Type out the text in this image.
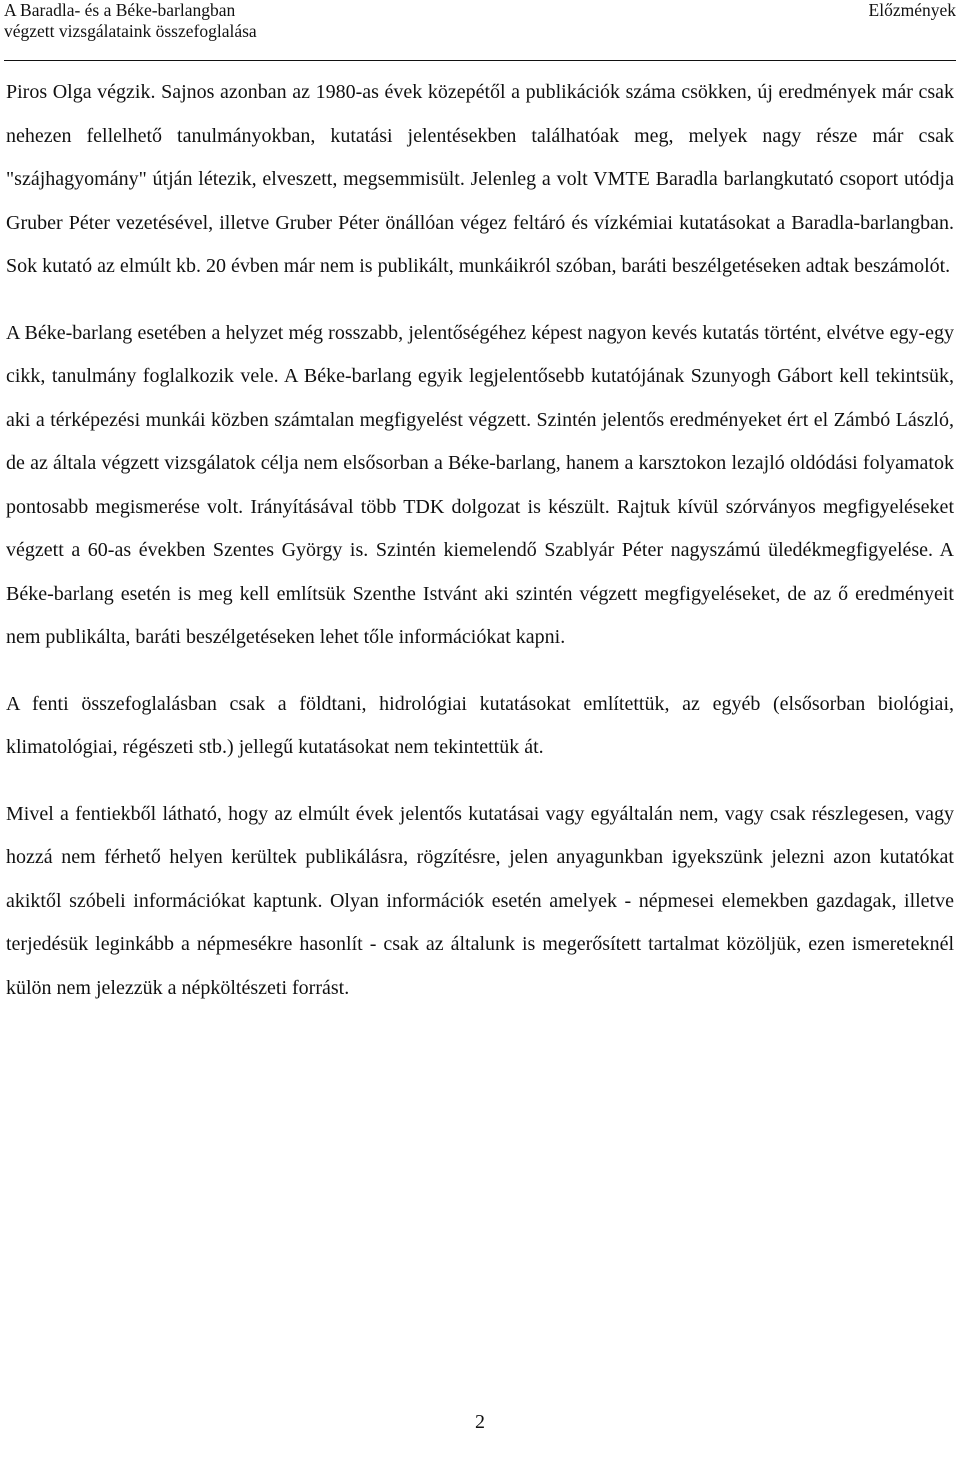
A Baradla- és a Béke-barlangban
végzett vizsgálataink összefoglalása
Előzmények

Piros Olga végzik. Sajnos azonban az 1980-as évek közepétől a publikációk száma csökken, új eredmények már csak nehezen fellelhető tanulmányokban, kutatási jelentésekben találhatóak meg, melyek nagy része már csak "szájhagyomány" útján létezik, elveszett, megsemmisült. Jelenleg a volt VMTE Baradla barlangkutató csoport utódja Gruber Péter vezetésével, illetve Gruber Péter önállóan végez feltáró és vízkémiai kutatásokat a Baradla-barlangban. Sok kutató az elmúlt kb. 20 évben már nem is publikált, munkáikról szóban, baráti beszélgetéseken adtak beszámolót.

A Béke-barlang esetében a helyzet még rosszabb, jelentőségéhez képest nagyon kevés kutatás történt, elvétve egy-egy cikk, tanulmány foglalkozik vele. A Béke-barlang egyik legjelentősebb kutatójának Szunyogh Gábort kell tekintsük, aki a térképezési munkái közben számtalan megfigyelést végzett. Szintén jelentős eredményeket ért el Zámbó László, de az általa végzett vizsgálatok célja nem elsősorban a Béke-barlang, hanem a karsztokon lezajló oldódási folyamatok pontosabb megismerése volt. Irányításával több TDK dolgozat is készült. Rajtuk kívül szórványos megfigyeléseket végzett a 60-as években Szentes György is. Szintén kiemelendő Szablyár Péter nagyszámú üledékmegfigyelése. A Béke-barlang esetén is meg kell említsük Szenthe Istvánt aki szintén végzett megfigyeléseket, de az ő eredményeit nem publikálta, baráti beszélgetéseken lehet tőle információkat kapni.

A fenti összefoglalásban csak a földtani, hidrológiai kutatásokat említettük, az egyéb (elsősorban biológiai, klimatológiai, régészeti stb.) jellegű kutatásokat nem tekintettük át.

Mivel a fentiekből látható, hogy az elmúlt évek jelentős kutatásai vagy egyáltalán nem, vagy csak részlegesen, vagy hozzá nem férhető helyen kerültek publikálásra, rögzítésre, jelen anyagunkban igyekszünk jelezni azon kutatókat akiktől szóbeli információkat kaptunk. Olyan információk esetén amelyek - népmesei elemekben gazdagak, illetve terjedésük leginkább a népmesékre hasonlít - csak az általunk is megerősített tartalmat közöljük, ezen ismereteknél külön nem jelezzük a népköltészeti forrást.

2
